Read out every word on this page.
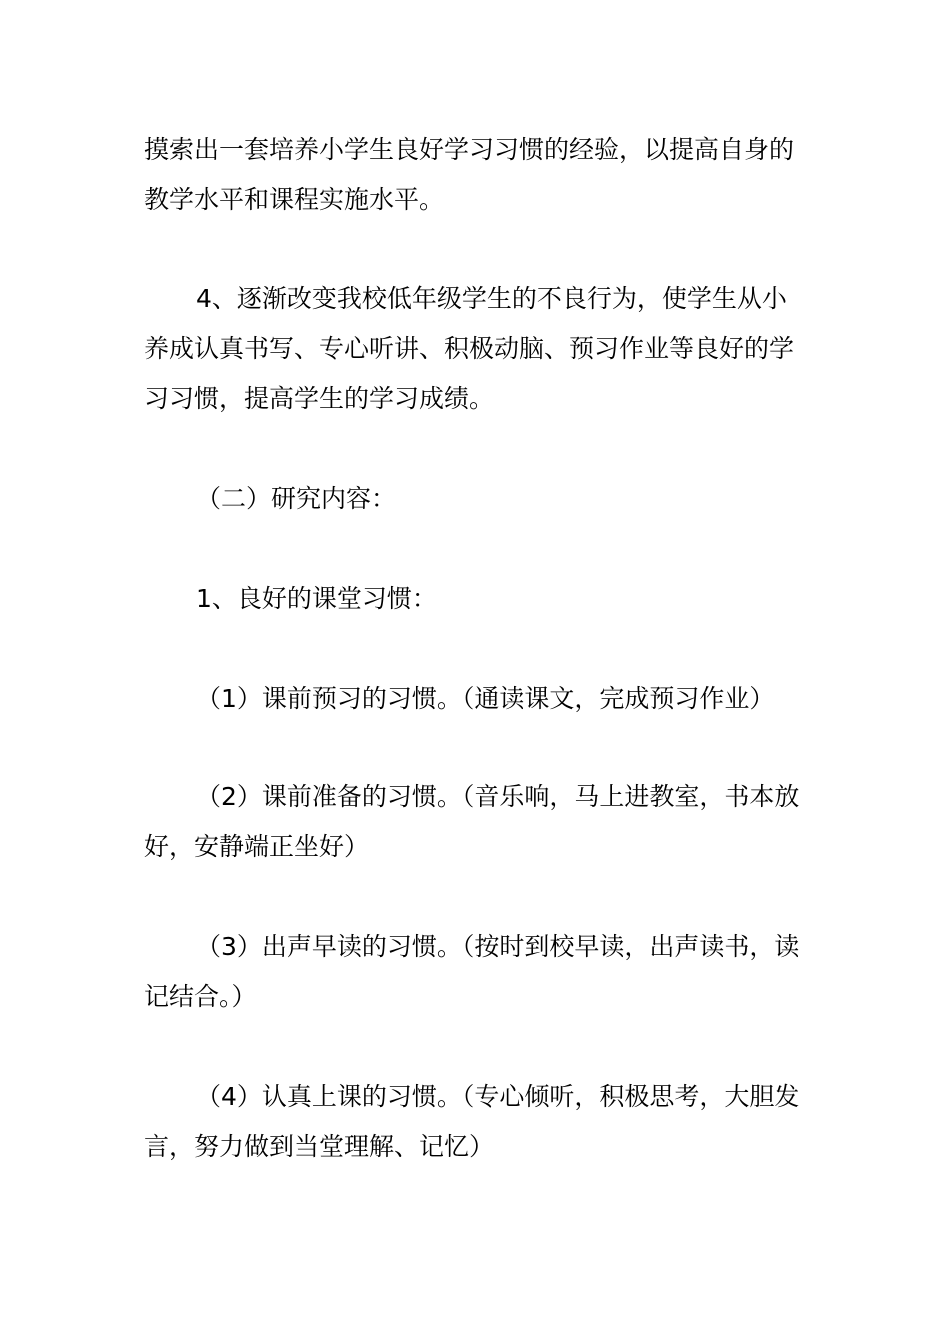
摸索出一套培养小学生良好学习习惯的经验，以提高自身的教学水平和课程实施水平。

4、逐渐改变我校低年级学生的不良行为，使学生从小养成认真书写、专心听讲、积极动脑、预习作业等良好的学习习惯，提高学生的学习成绩。

（二）研究内容：

1、良好的课堂习惯：

（1）课前预习的习惯。（通读课文，完成预习作业）

（2）课前准备的习惯。（音乐响，马上进教室，书本放好，安静端正坐好）

（3）出声早读的习惯。（按时到校早读，出声读书，读记结合。）

（4）认真上课的习惯。（专心倾听，积极思考，大胆发言，努力做到当堂理解、记忆）
